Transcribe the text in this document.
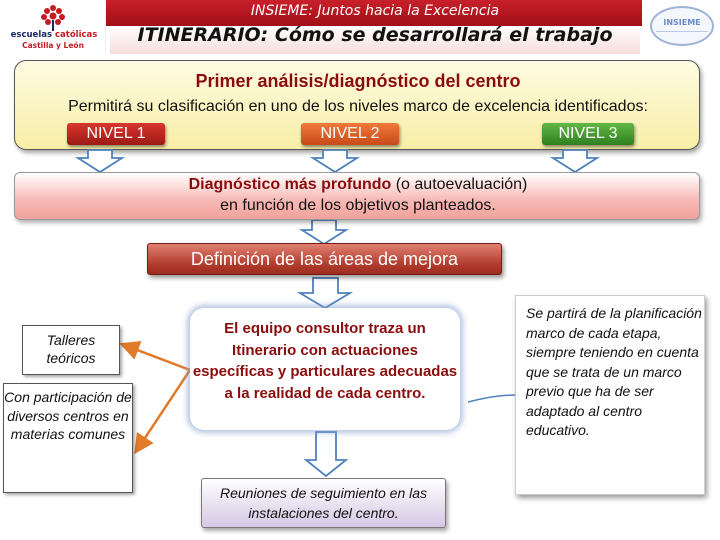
escuelas católicas
Castilla y León
INSIEME
INSIEME: Juntos hacia la Excelencia
ITINERARIO: Cómo se desarrollará el trabajo
Primer análisis/diagnóstico del centro
Permitirá su clasificación en uno de los niveles marco de excelencia identificados:
NIVEL 1	NIVEL 2	NIVEL 3
Diagnóstico más profundo (o autoevaluación)
en función de los objetivos planteados.
Definición de las áreas de mejora
Talleres teóricos
Con participación de diversos centros en materias comunes
El equipo consultor traza un Itinerario con actuaciones específicas y particulares adecuadas a la realidad de cada centro.
Reuniones de seguimiento en las instalaciones del centro.
Se partirá de la planificación marco de cada etapa, siempre teniendo en cuenta que se trata de un marco previo que ha de ser adaptado al centro educativo.
